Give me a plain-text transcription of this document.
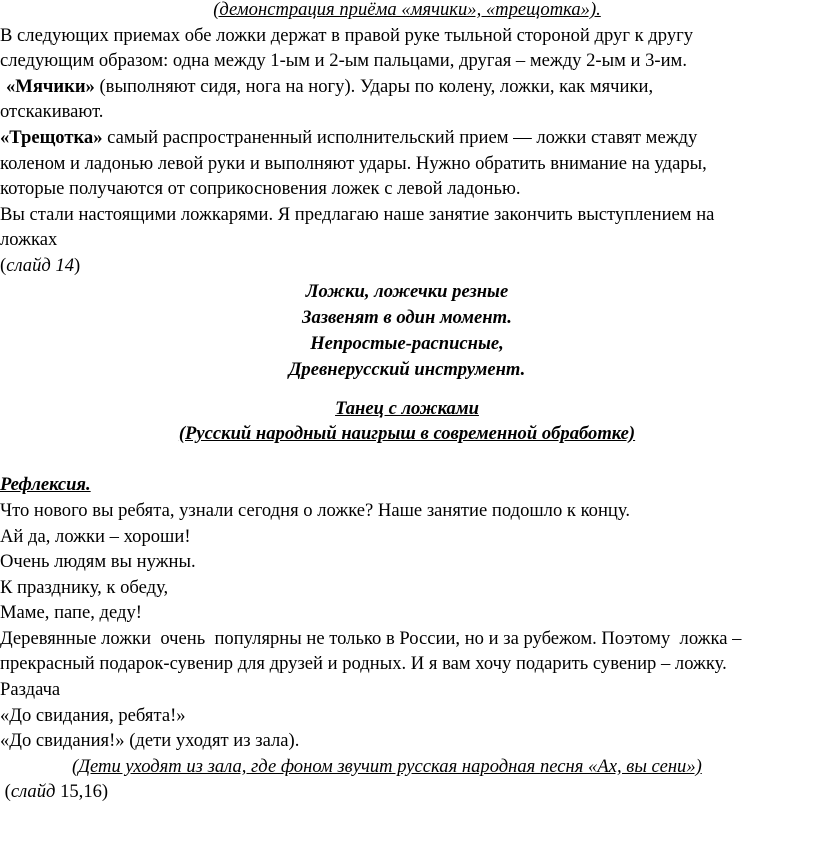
(демонстрация приёма «мячики», «трещотка»).

В следующих приемах обе ложки держат в правой руке тыльной стороной друг к другу

следующим образом: одна между 1-ым и 2-ым пальцами, другая – между 2-ым и 3-им.

«Мячики» (выполняют сидя, нога на ногу). Удары по колену, ложки, как мячики,

отскакивают.

«Трещотка» самый распространенный исполнительский прием — ложки ставят между

коленом и ладонью левой руки и выполняют удары. Нужно обратить внимание на удары,

которые получаются от соприкосновения ложек с левой ладонью.

Вы стали настоящими ложкарями. Я предлагаю наше занятие закончить выступлением на

ложках

(слайд 14)

Ложки, ложечки резные
Зазвенят в один момент.
Непростые-расписные,
Древнерусский инструмент.
Танец с ложками
(Русский народный наигрыш в современной обработке)

Рефлексия.

Что нового вы ребята, узнали сегодня о ложке? Наше занятие подошло к концу.

Ай да, ложки – хороши!

Очень людям вы нужны.

К празднику, к обеду,

Маме, папе, деду!

Деревянные ложки  очень  популярны не только в России, но и за рубежом. Поэтому  ложка –

прекрасный подарок-сувенир для друзей и родных. И я вам хочу подарить сувенир – ложку.

Раздача

«До свидания, ребята!»

«До свидания!» (дети уходят из зала).

(Дети уходят из зала, где фоном звучит русская народная песня «Ах, вы сени»)

(слайд 15,16)
